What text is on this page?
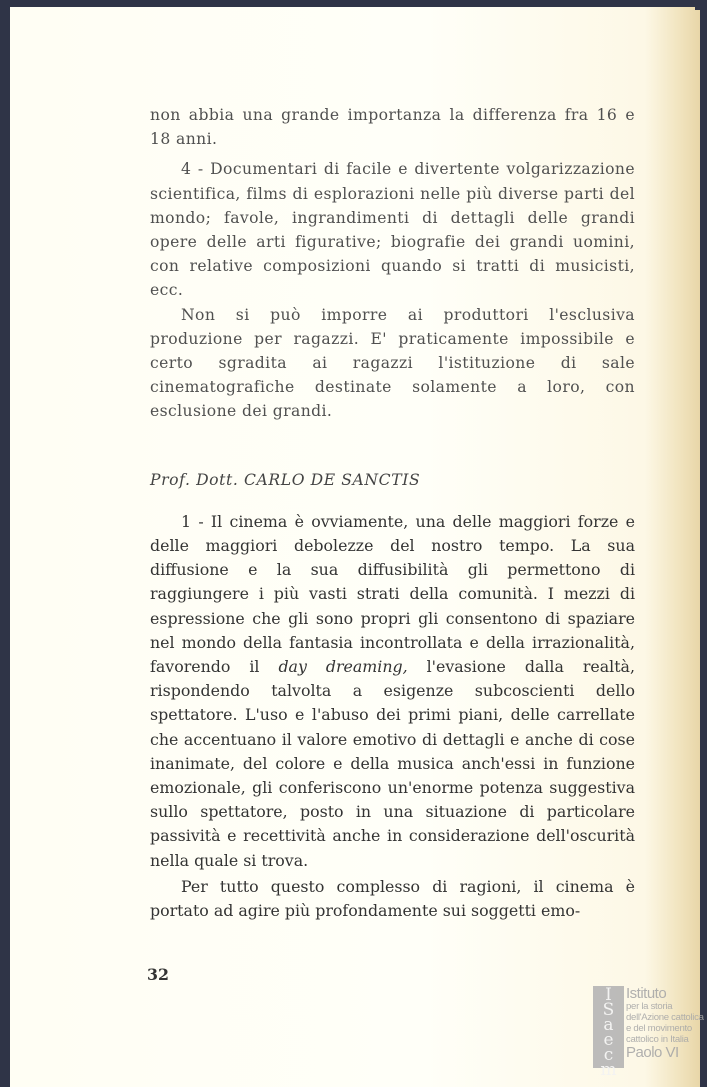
non abbia una grande importanza la differenza fra 16 e 18 anni.

4 - Documentari di facile e divertente volgarizzazione scientifica, films di esplorazioni nelle più diverse parti del mondo; favole, ingrandimenti di dettagli delle grandi opere delle arti figurative; biografie dei grandi uomini, con relative composizioni quando si tratti di musicisti, ecc.

Non si può imporre ai produttori l'esclusiva produzione per ragazzi. E' praticamente impossibile e certo sgradita ai ragazzi l'istituzione di sale cinematografiche destinate solamente a loro, con esclusione dei grandi.

Prof. Dott. CARLO DE SANCTIS

1 - Il cinema è ovviamente, una delle maggiori forze e delle maggiori debolezze del nostro tempo. La sua diffusione e la sua diffusibilità gli permettono di raggiungere i più vasti strati della comunità. I mezzi di espressione che gli sono propri gli consentono di spaziare nel mondo della fantasia incontrollata e della irrazionalità, favorendo il day dreaming, l'evasione dalla realtà, rispondendo talvolta a esigenze subcoscienti dello spettatore. L'uso e l'abuso dei primi piani, delle carrellate che accentuano il valore emotivo di dettagli e anche di cose inanimate, del colore e della musica anch'essi in funzione emozionale, gli conferiscono un'enorme potenza suggestiva sullo spettatore, posto in una situazione di particolare passività e recettività anche in considerazione dell'oscurità nella quale si trova.

Per tutto questo complesso di ragioni, il cinema è portato ad agire più profondamente sui soggetti emo-

32
I
S
a
e
c
m
Istituto
per la storia
dell'Azione cattolica
e del movimento
cattolico in Italia
Paolo VI
